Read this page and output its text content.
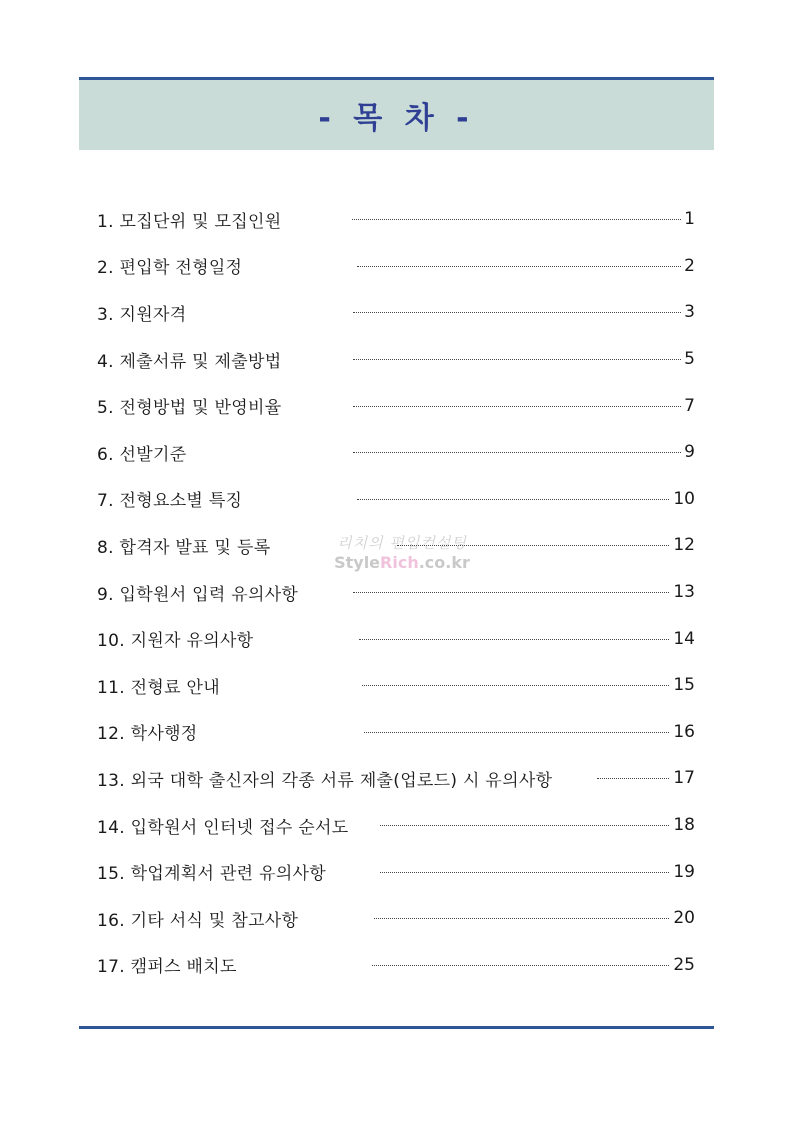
- 목 차 -
1. 모집단위 및 모집인원	1
2. 편입학 전형일정	2
3. 지원자격	3
4. 제출서류 및 제출방법	5
5. 전형방법 및 반영비율	7
6. 선발기준	9
7. 전형요소별 특징	10
8. 합격자 발표 및 등록	12
9. 입학원서 입력 유의사항	13
10. 지원자 유의사항	14
11. 전형료 안내	15
12. 학사행정	16
13. 외국 대학 출신자의 각종 서류 제출(업로드) 시 유의사항	17
14. 입학원서 인터넷 접수 순서도	18
15. 학업계획서 관련 유의사항	19
16. 기타 서식 및 참고사항	20
17. 캠퍼스 배치도	25
리치의 편입컨설팅
StyleRich.co.kr
